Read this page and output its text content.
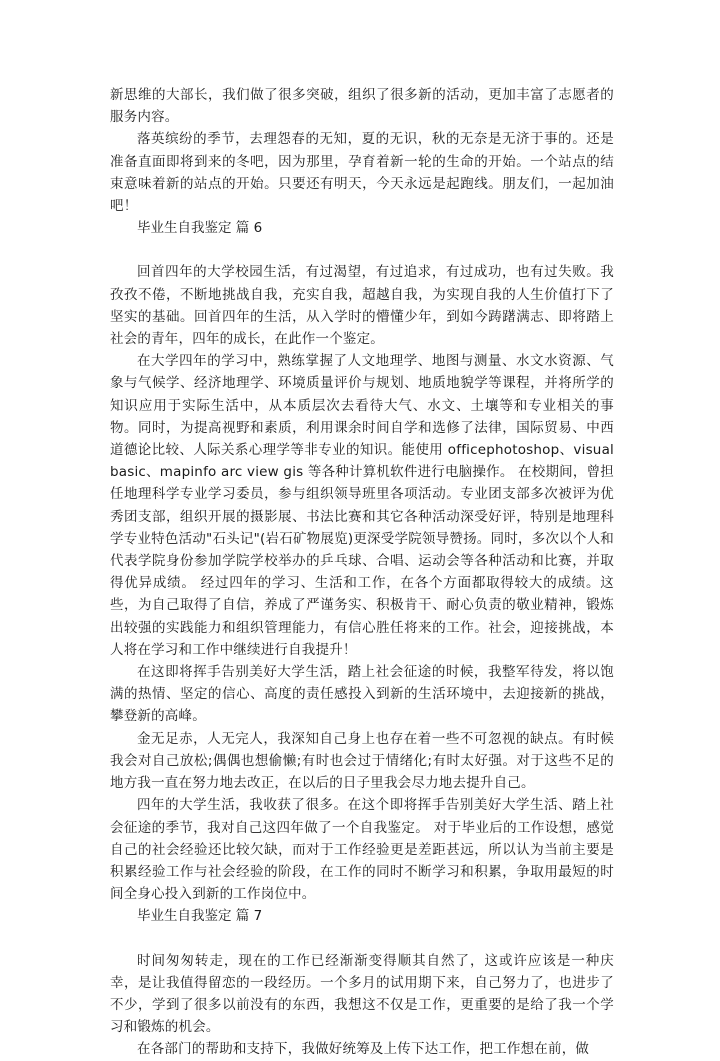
新思维的大部长，我们做了很多突破，组织了很多新的活动，更加丰富了志愿者的服务内容。

落英缤纷的季节，去理怨春的无知，夏的无识，秋的无奈是无济于事的。还是准备直面即将到来的冬吧，因为那里，孕育着新一轮的生命的开始。一个站点的结束意味着新的站点的开始。只要还有明天，今天永远是起跑线。朋友们，一起加油吧！

毕业生自我鉴定 篇 6

回首四年的大学校园生活，有过渴望，有过追求，有过成功，也有过失败。我孜孜不倦，不断地挑战自我，充实自我，超越自我，为实现自我的人生价值打下了坚实的基础。回首四年的生活，从入学时的懵懂少年，到如今踌躇满志、即将踏上社会的青年，四年的成长，在此作一个鉴定。

在大学四年的学习中，熟练掌握了人文地理学、地图与测量、水文水资源、气象与气候学、经济地理学、环境质量评价与规划、地质地貌学等课程，并将所学的知识应用于实际生活中，从本质层次去看待大气、水文、土壤等和专业相关的事物。同时，为提高视野和素质，利用课余时间自学和选修了法律，国际贸易、中西道德论比较、人际关系心理学等非专业的知识。能使用 officephotoshop、visual basic、mapinfo arc view gis 等各种计算机软件进行电脑操作。 在校期间，曾担任地理科学专业学习委员，参与组织领导班里各项活动。专业团支部多次被评为优秀团支部，组织开展的摄影展、书法比赛和其它各种活动深受好评，特别是地理科学专业特色活动"石头记"(岩石矿物展览)更深受学院领导赞扬。同时，多次以个人和代表学院身份参加学院学校举办的乒乓球、合唱、运动会等各种活动和比赛，并取得优异成绩。 经过四年的学习、生活和工作，在各个方面都取得较大的成绩。这些，为自己取得了自信，养成了严谨务实、积极肯干、耐心负责的敬业精神，锻炼出较强的实践能力和组织管理能力，有信心胜任将来的工作。社会，迎接挑战，本人将在学习和工作中继续进行自我提升！

在这即将挥手告别美好大学生活，踏上社会征途的时候，我整军待发，将以饱满的热情、坚定的信心、高度的责任感投入到新的生活环境中，去迎接新的挑战，攀登新的高峰。

金无足赤，人无完人，我深知自己身上也存在着一些不可忽视的缺点。有时候我会对自己放松;偶偶也想偷懒;有时也会过于情绪化;有时太好强。对于这些不足的地方我一直在努力地去改正，在以后的日子里我会尽力地去提升自己。

四年的大学生活，我收获了很多。在这个即将挥手告别美好大学生活、踏上社会征途的季节，我对自己这四年做了一个自我鉴定。 对于毕业后的工作设想，感觉自己的社会经验还比较欠缺，而对于工作经验更是差距甚远，所以认为当前主要是积累经验工作与社会经验的阶段，在工作的同时不断学习和积累，争取用最短的时间全身心投入到新的工作岗位中。

毕业生自我鉴定 篇 7

时间匆匆转走，现在的工作已经渐渐变得顺其自然了，这或许应该是一种庆幸，是让我值得留恋的一段经历。一个多月的试用期下来，自己努力了，也进步了不少，学到了很多以前没有的东西，我想这不仅是工作，更重要的是给了我一个学习和锻炼的机会。

在各部门的帮助和支持下，我做好统筹及上传下达工作，把工作想在前，做
